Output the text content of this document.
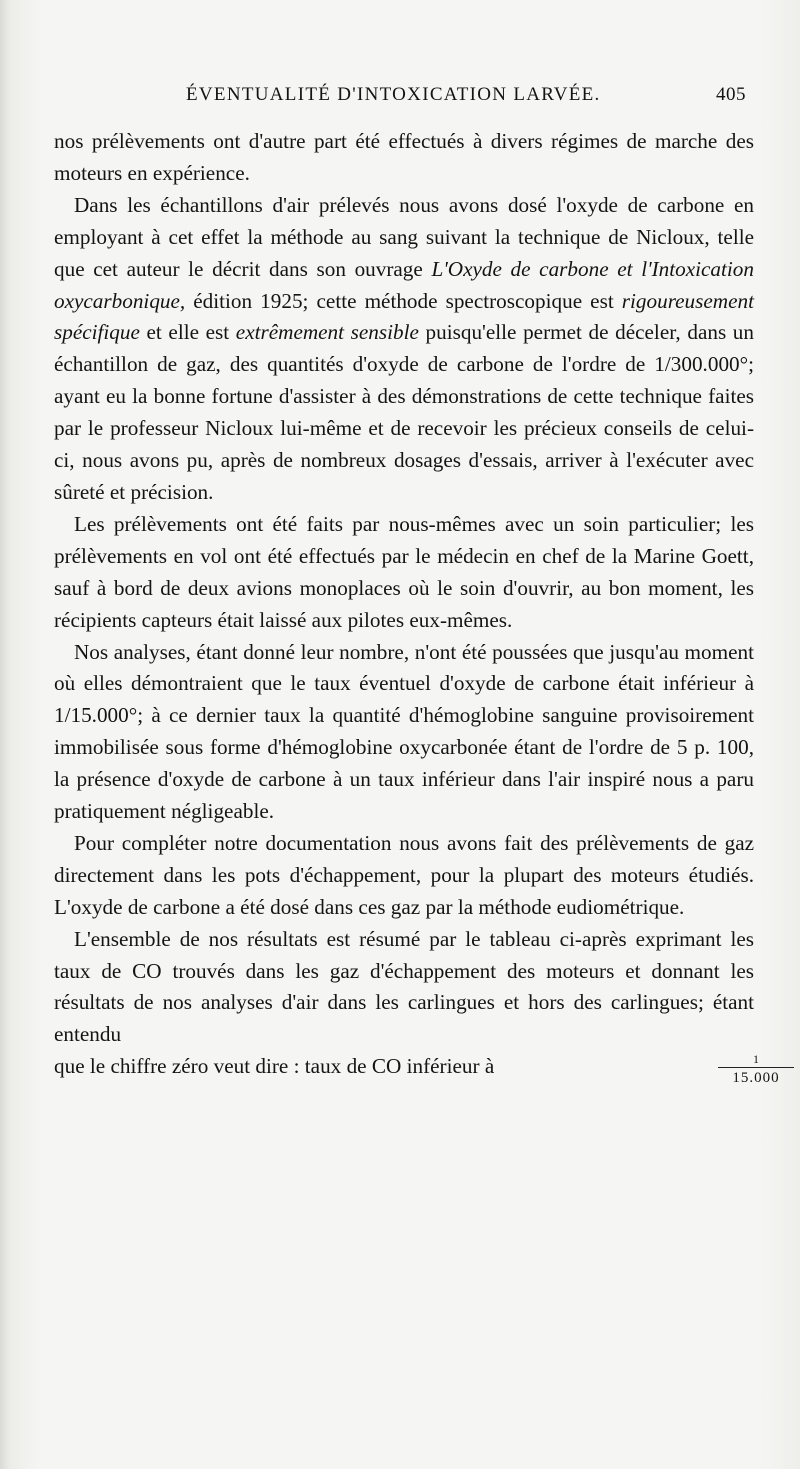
ÉVENTUALITÉ D'INTOXICATION LARVÉE.	405

nos prélèvements ont d'autre part été effectués à divers régimes de marche des moteurs en expérience.

Dans les échantillons d'air prélevés nous avons dosé l'oxyde de carbone en employant à cet effet la méthode au sang suivant la technique de Nicloux, telle que cet auteur le décrit dans son ouvrage L'Oxyde de carbone et l'Intoxication oxycarbonique, édition 1925; cette méthode spectroscopique est rigoureusement spécifique et elle est extrêmement sensible puisqu'elle permet de déceler, dans un échantillon de gaz, des quantités d'oxyde de carbone de l'ordre de 1/300.000°; ayant eu la bonne fortune d'assister à des démonstrations de cette technique faites par le professeur Nicloux lui-même et de recevoir les précieux conseils de celui-ci, nous avons pu, après de nombreux dosages d'essais, arriver à l'exécuter avec sûreté et précision.

Les prélèvements ont été faits par nous-mêmes avec un soin particulier; les prélèvements en vol ont été effectués par le médecin en chef de la Marine Goett, sauf à bord de deux avions monoplaces où le soin d'ouvrir, au bon moment, les récipients capteurs était laissé aux pilotes eux-mêmes.

Nos analyses, étant donné leur nombre, n'ont été poussées que jusqu'au moment où elles démontraient que le taux éventuel d'oxyde de carbone était inférieur à 1/15.000°; à ce dernier taux la quantité d'hémoglobine sanguine provisoirement immobilisée sous forme d'hémoglobine oxycarbonée étant de l'ordre de 5 p. 100, la présence d'oxyde de carbone à un taux inférieur dans l'air inspiré nous a paru pratiquement négligeable.

Pour compléter notre documentation nous avons fait des prélèvements de gaz directement dans les pots d'échappement, pour la plupart des moteurs étudiés. L'oxyde de carbone a été dosé dans ces gaz par la méthode eudiométrique.

L'ensemble de nos résultats est résumé par le tableau ci-après exprimant les taux de CO trouvés dans les gaz d'échappement des moteurs et donnant les résultats de nos analyses d'air dans les carlingues et hors des carlingues; étant entendu

que le chiffre zéro veut dire : taux de CO inférieur à	1
15.000
